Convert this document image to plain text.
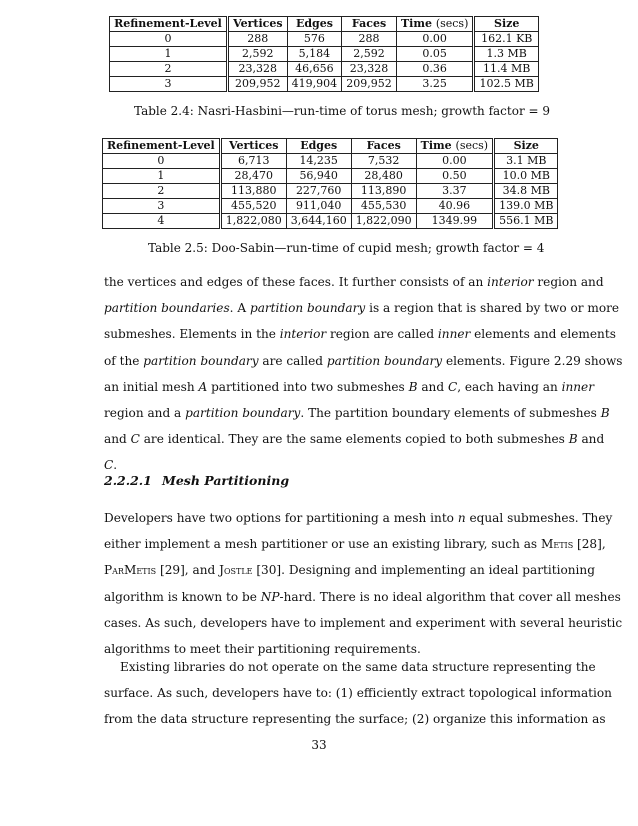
Refinement-Level	Vertices	Edges	Faces	Time (secs)	Size
0	288	576	288	0.00	162.1 KB
1	2,592	5,184	2,592	0.05	1.3 MB
2	23,328	46,656	23,328	0.36	11.4 MB
3	209,952	419,904	209,952	3.25	102.5 MB
Table 2.4: Nasri-Hasbini—run-time of torus mesh; growth factor = 9
Refinement-Level	Vertices	Edges	Faces	Time (secs)	Size
0	6,713	14,235	7,532	0.00	3.1 MB
1	28,470	56,940	28,480	0.50	10.0 MB
2	113,880	227,760	113,890	3.37	34.8 MB
3	455,520	911,040	455,530	40.96	139.0 MB
4	1,822,080	3,644,160	1,822,090	1349.99	556.1 MB
Table 2.5: Doo-Sabin—run-time of cupid mesh; growth factor = 4
the vertices and edges of these faces. It further consists of an interior region and
partition boundaries. A partition boundary is a region that is shared by two or more
submeshes. Elements in the interior region are called inner elements and elements
of the partition boundary are called partition boundary elements. Figure 2.29 shows
an initial mesh A partitioned into two submeshes B and C, each having an inner
region and a partition boundary. The partition boundary elements of submeshes B
and C are identical. They are the same elements copied to both submeshes B and
C.
2.2.2.1 Mesh Partitioning
Developers have two options for partitioning a mesh into n equal submeshes. They
either implement a mesh partitioner or use an existing library, such as Metis [28],
ParMetis [29], and Jostle [30]. Designing and implementing an ideal partitioning
algorithm is known to be NP-hard. There is no ideal algorithm that cover all meshes
cases. As such, developers have to implement and experiment with several heuristic
algorithms to meet their partitioning requirements.
Existing libraries do not operate on the same data structure representing the
surface. As such, developers have to: (1) efficiently extract topological information
from the data structure representing the surface; (2) organize this information as
33
